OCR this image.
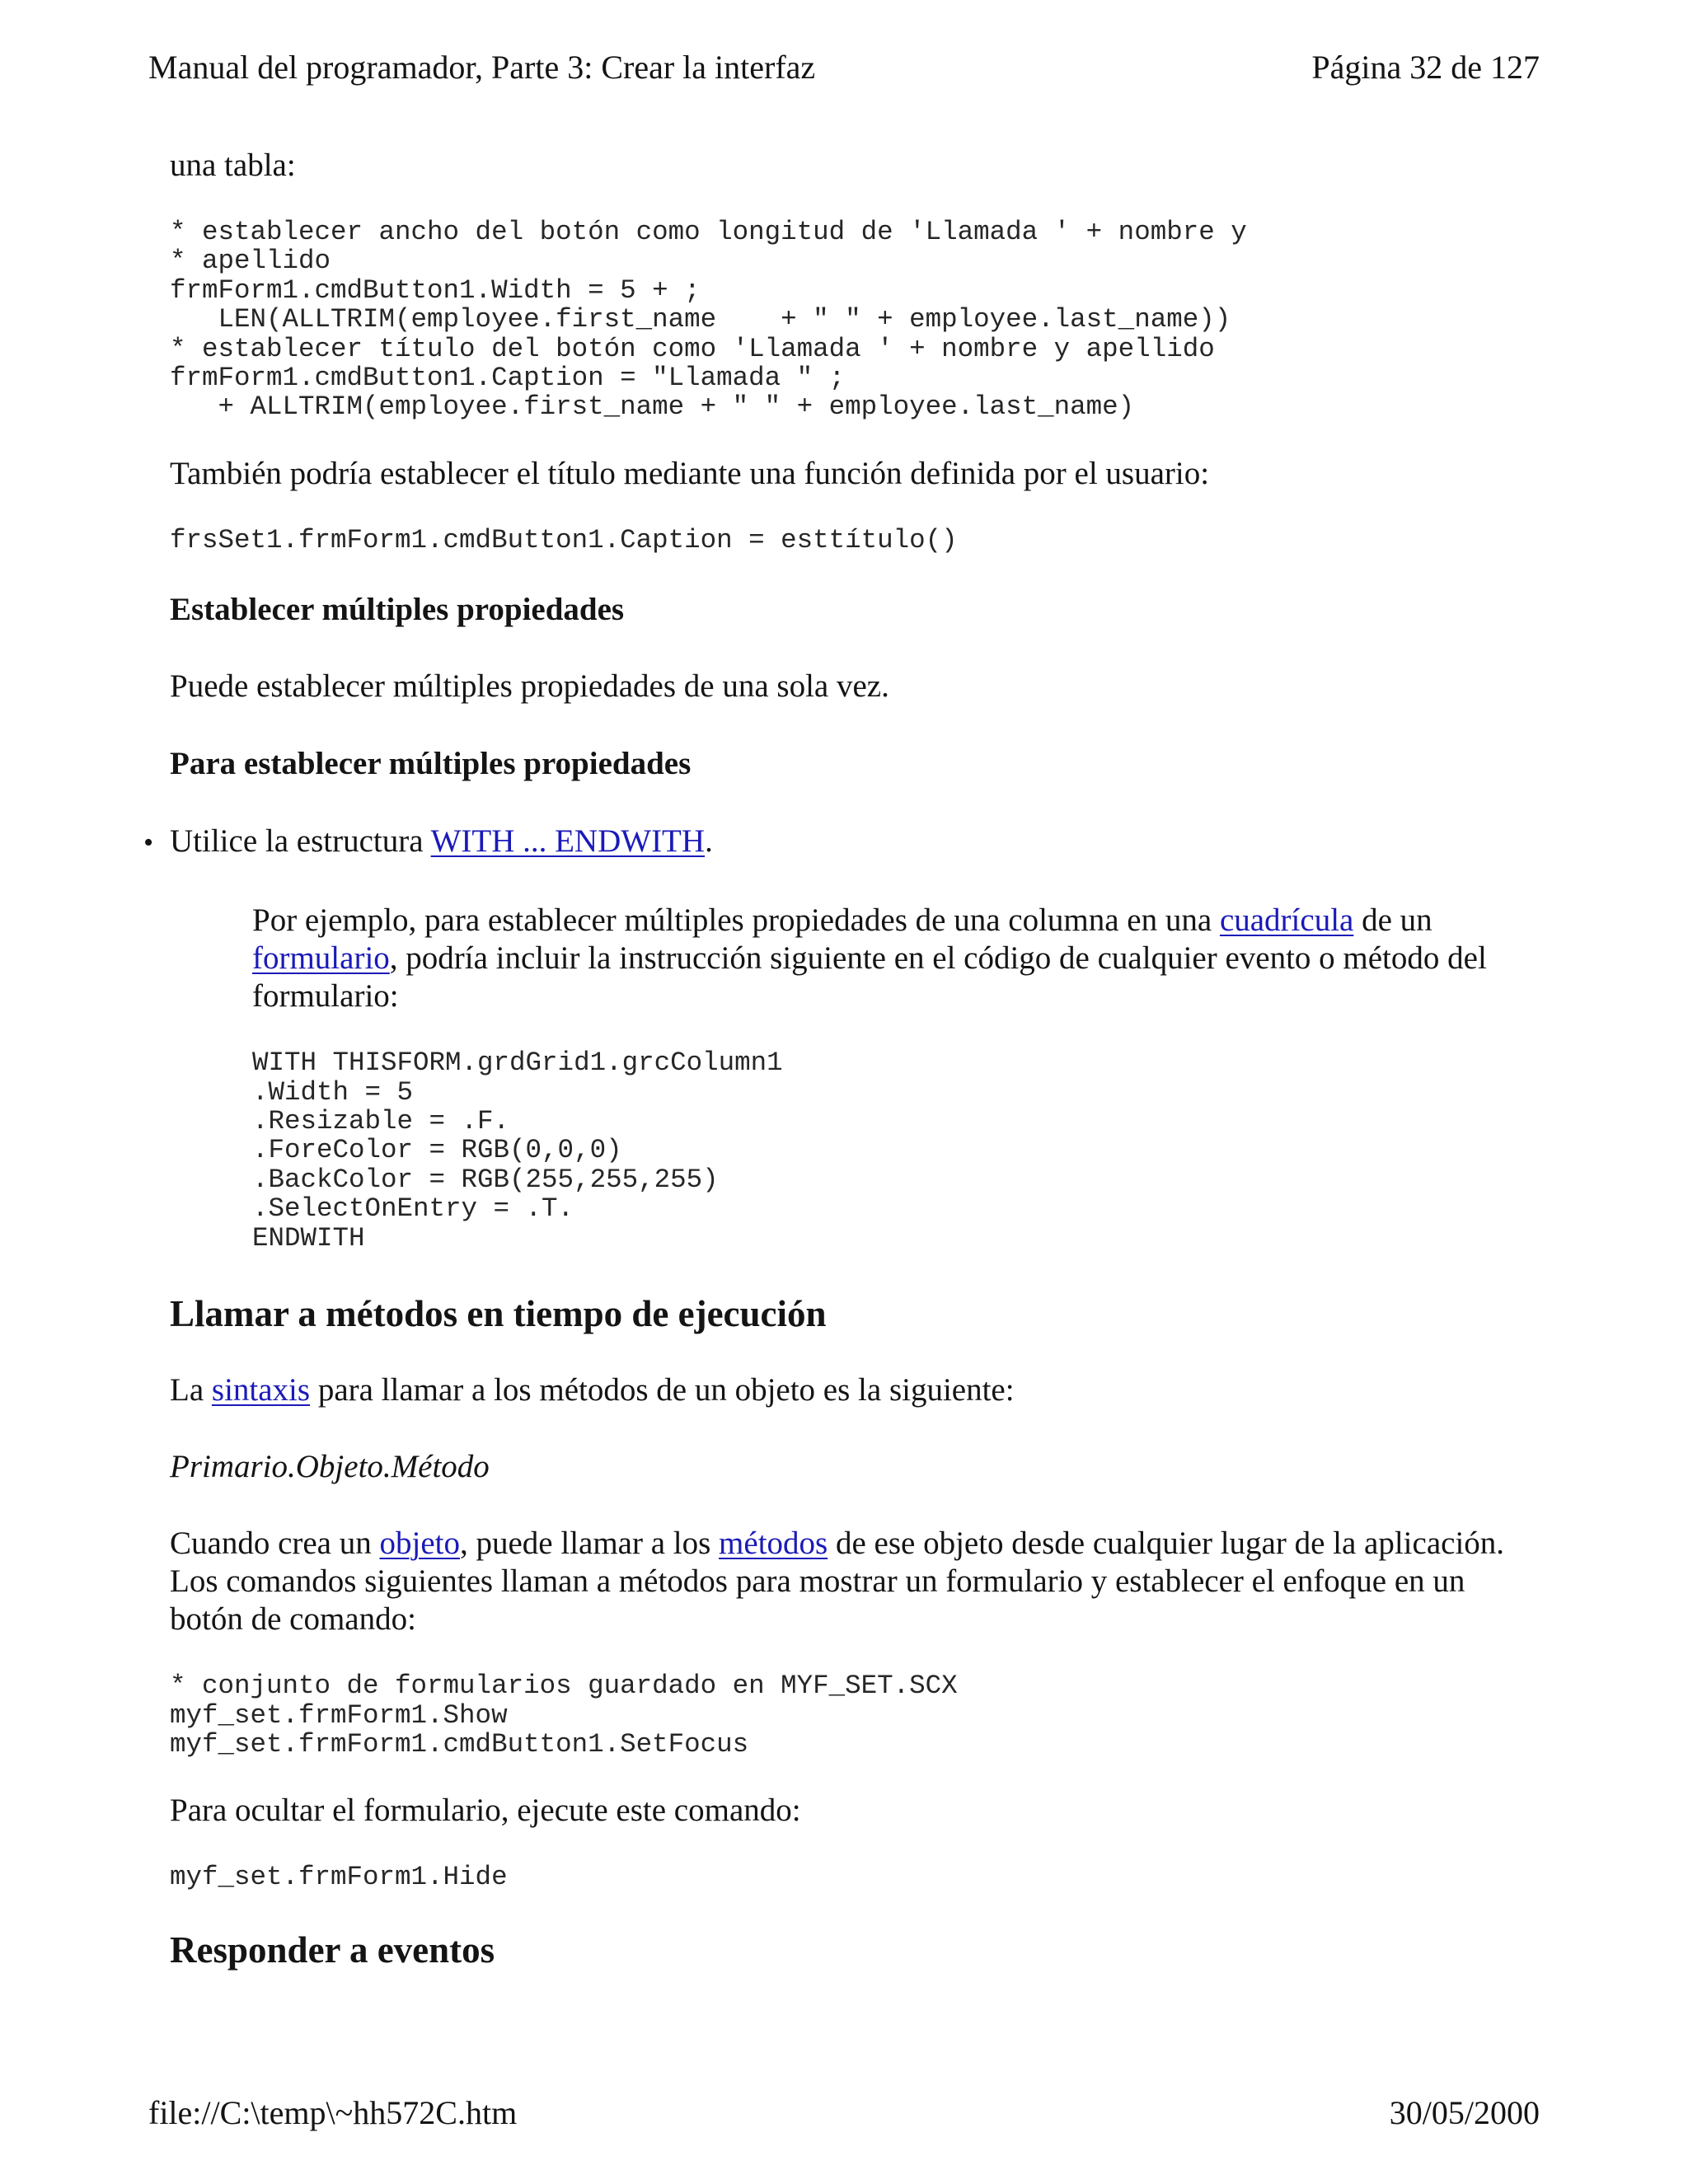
Manual del programador, Parte 3: Crear la interfaz	Página 32 de 127

una tabla:

* establecer ancho del botón como longitud de 'Llamada ' + nombre y
* apellido
frmForm1.cmdButton1.Width = 5 + ;
LEN(ALLTRIM(employee.first_name    + " " + employee.last_name))
* establecer título del botón como 'Llamada ' + nombre y apellido
frmForm1.cmdButton1.Caption = "Llamada " ;
+ ALLTRIM(employee.first_name + " " + employee.last_name)

También podría establecer el título mediante una función definida por el usuario:

frsSet1.frmForm1.cmdButton1.Caption = esttítulo()

Establecer múltiples propiedades

Puede establecer múltiples propiedades de una sola vez.

Para establecer múltiples propiedades

• Utilice la estructura WITH ... ENDWITH.

Por ejemplo, para establecer múltiples propiedades de una columna en una cuadrícula de un formulario, podría incluir la instrucción siguiente en el código de cualquier evento o método del formulario:

WITH THISFORM.grdGrid1.grcColumn1
.Width = 5
.Resizable = .F.
.ForeColor = RGB(0,0,0)
.BackColor = RGB(255,255,255)
.SelectOnEntry = .T.
ENDWITH
Llamar a métodos en tiempo de ejecución

La sintaxis para llamar a los métodos de un objeto es la siguiente:

Primario.Objeto.Método

Cuando crea un objeto, puede llamar a los métodos de ese objeto desde cualquier lugar de la aplicación. Los comandos siguientes llaman a métodos para mostrar un formulario y establecer el enfoque en un botón de comando:

* conjunto de formularios guardado en MYF_SET.SCX
myf_set.frmForm1.Show
myf_set.frmForm1.cmdButton1.SetFocus

Para ocultar el formulario, ejecute este comando:

myf_set.frmForm1.Hide
Responder a eventos
file://C:\temp\~hh572C.htm	30/05/2000
